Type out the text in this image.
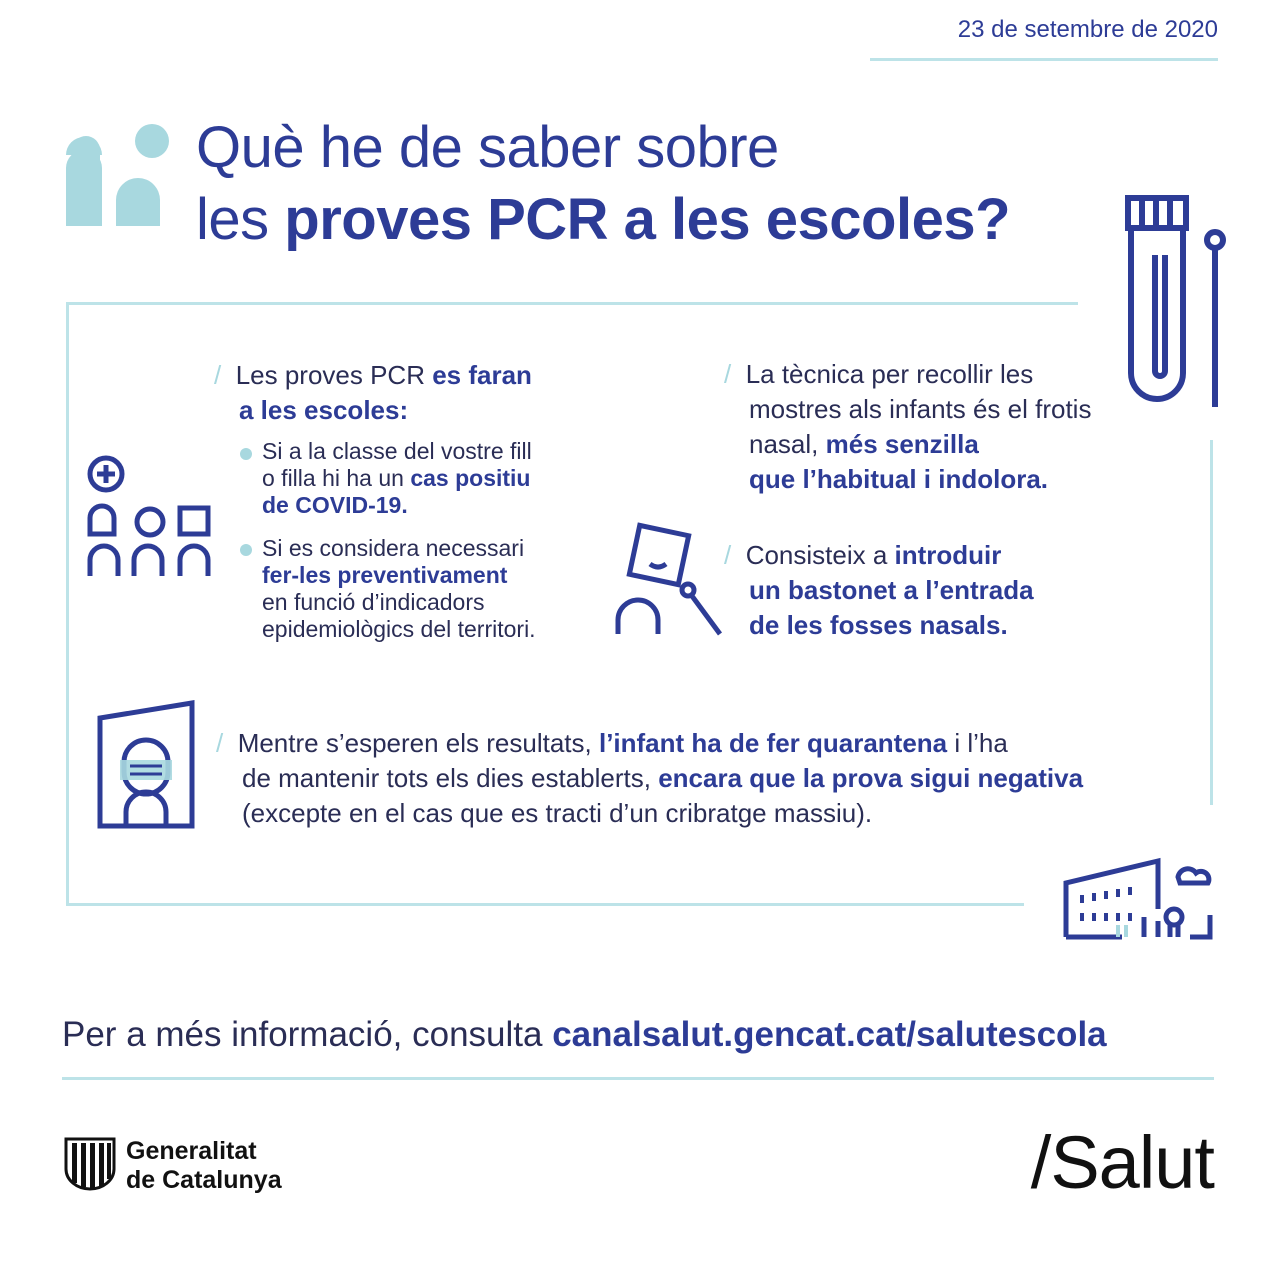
23 de setembre de 2020
Què he de saber sobre
les proves PCR a les escoles?
/ Les proves PCR es faran
a les escoles:
Si a la classe del vostre fill
o filla hi ha un cas positiu
de COVID-19.
Si es considera necessari
fer-les preventivament
en funció d’indicadors
epidemiològics del territori.
/ La tècnica per recollir les
mostres als infants és el frotis
nasal, més senzilla
que l’habitual i indolora.
/ Consisteix a introduir
un bastonet a l’entrada
de les fosses nasals.
/ Mentre s’esperen els resultats, l’infant ha de fer quarantena i l’ha
de mantenir tots els dies establerts, encara que la prova sigui negativa
(excepte en el cas que es tracti d’un cribratge massiu).
Per a més informació, consulta canalsalut.gencat.cat/salutescola
Generalitat
de Catalunya	/Salut
